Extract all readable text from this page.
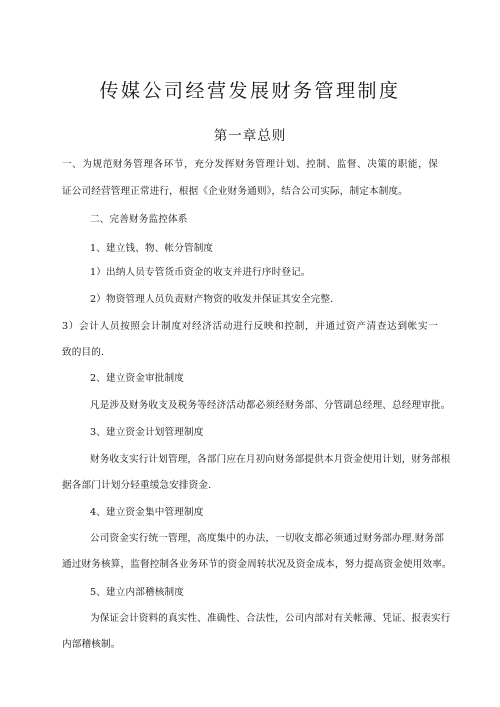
传媒公司经营发展财务管理制度
第一章总则
一、为规范财务管理各环节，充分发挥财务管理计划、控制、监督、决策的职能，保
证公司经营管理正常进行，根据《企业财务通则》，结合公司实际，制定本制度。
二、完善财务监控体系
1、建立钱、物、帐分管制度
1）出纳人员专管货币资金的收支并进行序时登记。
2）物资管理人员负责财产物资的收发并保证其安全完整.
3）会计人员按照会计制度对经济活动进行反映和控制，并通过资产清查达到帐实一
致的目的.
2、建立资金审批制度
凡是涉及财务收支及税务等经济活动都必须经财务部、分管副总经理、总经理审批。
3、建立资金计划管理制度
财务收支实行计划管理，各部门应在月初向财务部提供本月资金使用计划，财务部根
据各部门计划分轻重缓急安排资金.
4、建立资金集中管理制度
公司资金实行统一管理，高度集中的办法，一切收支都必须通过财务部办理.财务部
通过财务核算，监督控制各业务环节的资金周转状况及资金成本，努力提高资金使用效率。
5、建立内部稽核制度
为保证会计资料的真实性、准确性、合法性，公司内部对有关帐薄、凭证、报表实行
内部稽核制。
